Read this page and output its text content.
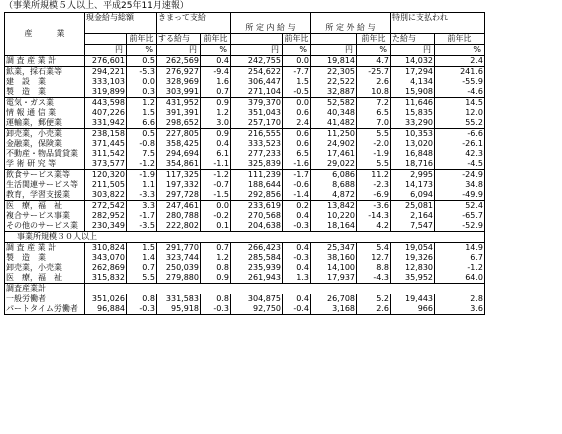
（事業所規模５人以上、平成25年11月速報）
産　　　業	現金給与総額		きまって支給						特別に支払われ	
					所 定 内 給 与		所 定 外 給 与			
		前年比	する給与	前年比		前年比		前年比	た給与	前年比
	円	%	円	%	円	%	円	%	円	%
調 査 産 業 計	276,601	0.5	262,569	0.4	242,755	0.0	19,814	4.7	14,032	2.4
鉱業，採石業等	294,221	-5.3	276,927	-9.4	254,622	-7.7	22,305	-25.7	17,294	241.6
建　設　業	333,103	0.0	328,969	1.6	306,447	1.5	22,522	2.6	4,134	-55.9
製　造　業	319,899	0.3	303,991	0.7	271,104	-0.5	32,887	10.8	15,908	-4.6
電気・ガス業	443,598	1.2	431,952	0.9	379,370	0.0	52,582	7.2	11,646	14.5
情 報 通 信 業	407,226	1.5	391,391	1.2	351,043	0.6	40,348	6.5	15,835	12.0
運輸業，郵便業	331,942	6.6	298,652	3.0	257,170	2.4	41,482	7.0	33,290	55.2
卸売業，小売業	238,158	0.5	227,805	0.9	216,555	0.6	11,250	5.5	10,353	-6.6
金融業，保険業	371,445	-0.8	358,425	0.4	333,523	0.6	24,902	-2.0	13,020	-26.1
不動産・物品賃貸業	311,542	7.5	294,694	6.1	277,233	6.5	17,461	-1.9	16,848	42.3
学 術 研 究 等	373,577	-1.2	354,861	-1.1	325,839	-1.6	29,022	5.5	18,716	-4.5
飲食サービス業等	120,320	-1.9	117,325	-1.2	111,239	-1.7	6,086	11.2	2,995	-24.9
生活関連サービス等	211,505	1.1	197,332	-0.7	188,644	-0.6	8,688	-2.3	14,173	34.8
教育，学習支援業	303,822	-3.3	297,728	-1.5	292,856	-1.4	4,872	-6.9	6,094	-49.9
医　療，福　祉	272,542	3.3	247,461	0.0	233,619	0.2	13,842	-3.6	25,081	52.4
複合サービス事業	282,952	-1.7	280,788	-0.2	270,568	0.4	10,220	-14.3	2,164	-65.7
その他のサービス業	230,349	-3.5	222,802	0.1	204,638	-0.3	18,164	4.2	7,547	-52.9
事業所規模３０人以上										
調 査 産 業 計	310,824	1.5	291,770	0.7	266,423	0.4	25,347	5.4	19,054	14.9
製　造　業	343,070	1.4	323,744	1.2	285,584	-0.3	38,160	12.7	19,326	6.7
卸売業，小売業	262,869	0.7	250,039	0.8	235,939	0.4	14,100	8.8	12,830	-1.2
医　療，福　祉	315,832	5.5	279,880	0.9	261,943	1.3	17,937	-4.3	35,952	64.0
調査産業計										
一般労働者	351,026	0.8	331,583	0.8	304,875	0.4	26,708	5.2	19,443	2.8
パートタイム労働者	96,884	-0.3	95,918	-0.3	92,750	-0.4	3,168	2.6	966	3.6
